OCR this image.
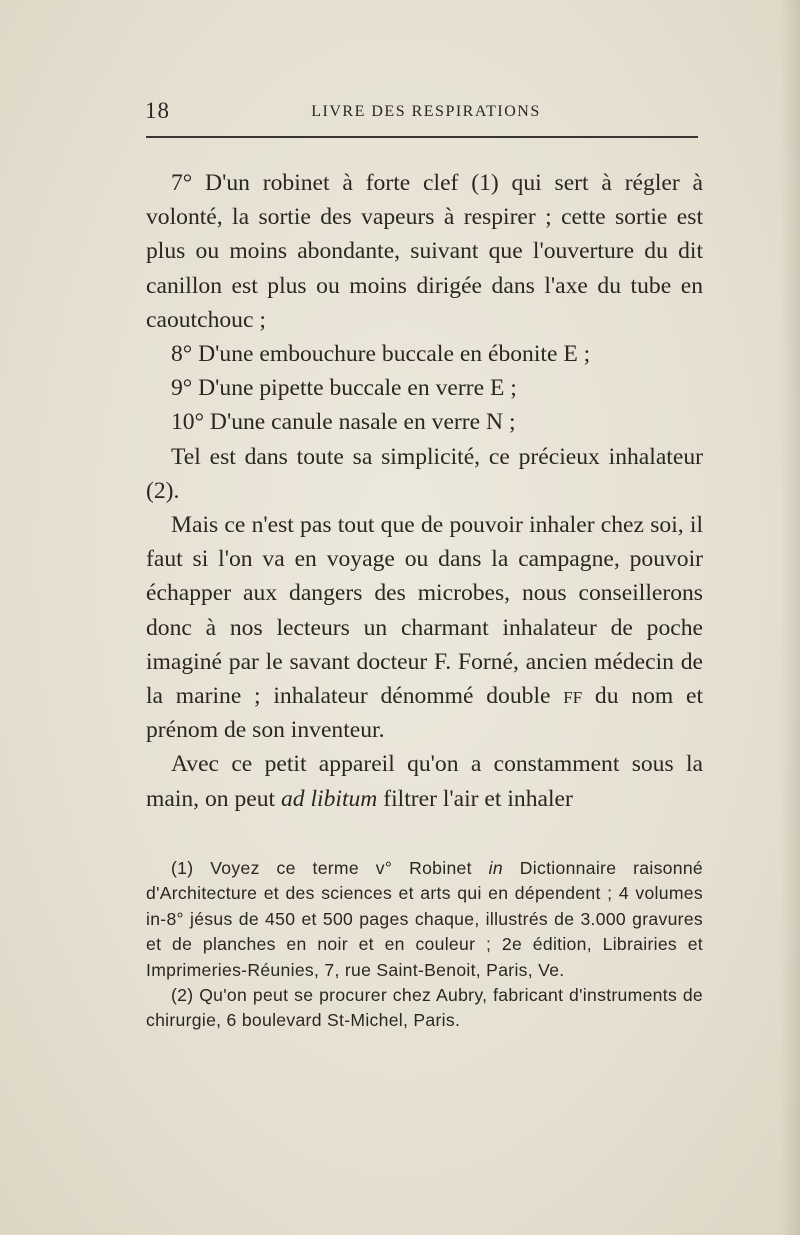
18	LIVRE DES RESPIRATIONS

7° D'un robinet à forte clef (1) qui sert à régler à volonté, la sortie des vapeurs à respirer ; cette sortie est plus ou moins abondante, suivant que l'ouverture du dit canillon est plus ou moins dirigée dans l'axe du tube en caoutchouc ;

8° D'une embouchure buccale en ébonite E ;

9° D'une pipette buccale en verre E ;

10° D'une canule nasale en verre N ;

Tel est dans toute sa simplicité, ce précieux inhalateur (2).

Mais ce n'est pas tout que de pouvoir inhaler chez soi, il faut si l'on va en voyage ou dans la campagne, pouvoir échapper aux dangers des microbes, nous conseillerons donc à nos lecteurs un charmant inhalateur de poche imaginé par le savant docteur F. Forné, ancien médecin de la marine ; inhalateur dénommé double ff du nom et prénom de son inventeur.

Avec ce petit appareil qu'on a constamment sous la main, on peut ad libitum filtrer l'air et inhaler

(1) Voyez ce terme v° Robinet in Dictionnaire raisonné d'Architecture et des sciences et arts qui en dépendent ; 4 volumes in-8° jésus de 450 et 500 pages chaque, illustrés de 3.000 gravures et de planches en noir et en couleur ; 2e édition, Librairies et Imprimeries-Réunies, 7, rue Saint-Benoit, Paris, Ve.

(2) Qu'on peut se procurer chez Aubry, fabricant d'instruments de chirurgie, 6 boulevard St-Michel, Paris.
